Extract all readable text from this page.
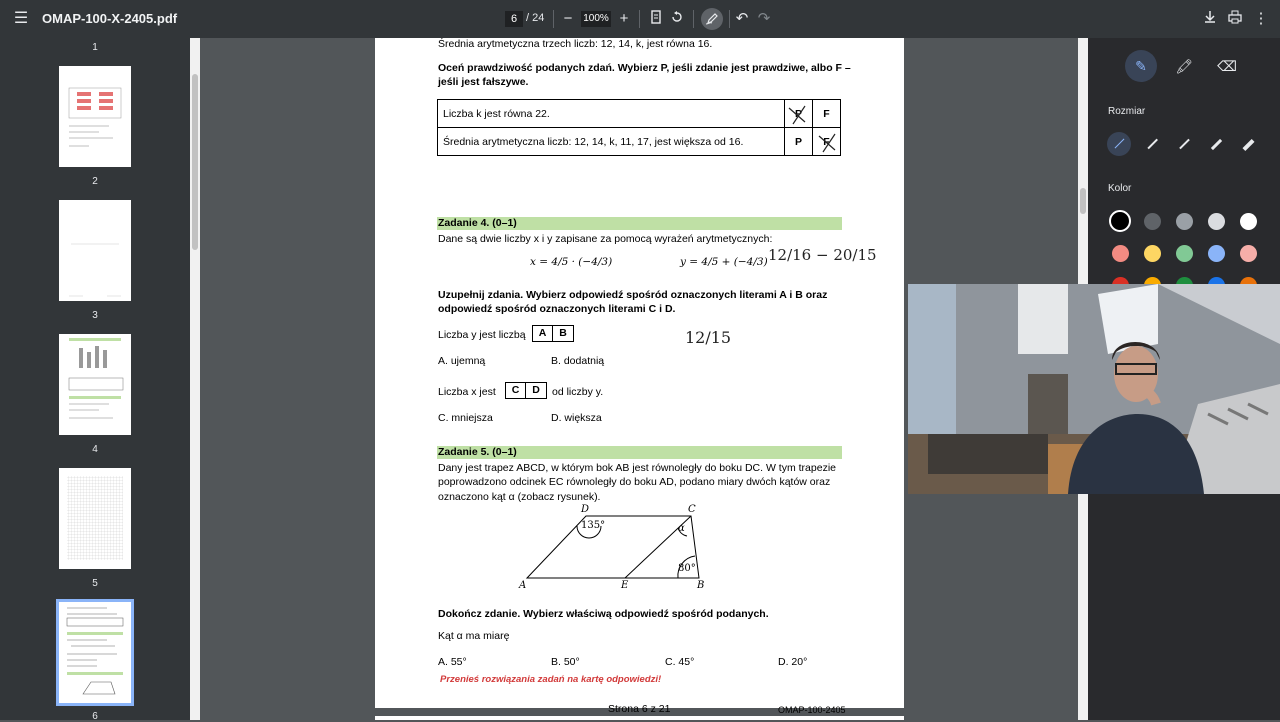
☰ OMAP-100-X-2405.pdf	6 / 24	−	100% +	↶ ↷	⋮
1
2
3
4
5
6
Średnia arytmetyczna trzech liczb: 12, 14, k, jest równa 16.
Oceń prawdziwość podanych zdań. Wybierz P, jeśli zdanie jest prawdziwe, albo F –
jeśli jest fałszywe.
Liczba k jest równa 22.	P	F
Średnia arytmetyczna liczb: 12, 14, k, 11, 17, jest większa od 16.	P	F
Zadanie 4. (0–1)
Dane są dwie liczby x i y zapisane za pomocą wyrażeń arytmetycznych:
x = 4/5 · (−4/3)	y = 4/5 + (−4/3) 12/16 − 20/15
Uzupełnij zdania. Wybierz odpowiedź spośród oznaczonych literami A i B oraz
odpowiedź spośród oznaczonych literami C i D.
Liczba y jest liczbą	A	B	12/15
A. ujemną	B. dodatnią
Liczba x jest	C	D	od liczby y.
C. mniejsza	D. większa
Zadanie 5. (0–1)
Dany jest trapez ABCD, w którym bok AB jest równoległy do boku DC. W tym trapezie
poprowadzono odcinek EC równoległy do boku AD, podano miary dwóch kątów oraz
oznaczono kąt α (zobacz rysunek).
D	C
A	E	B
135°	α
80°
Dokończ zdanie. Wybierz właściwą odpowiedź spośród podanych.
Kąt α ma miarę
A. 55°	B. 50°	C. 45°	D. 20°
Przenieś rozwiązania zadań na kartę odpowiedzi!
Strona 6 z 21	OMAP-100-2405
✎	🖍	⌫
Rozmiar
Kolor
